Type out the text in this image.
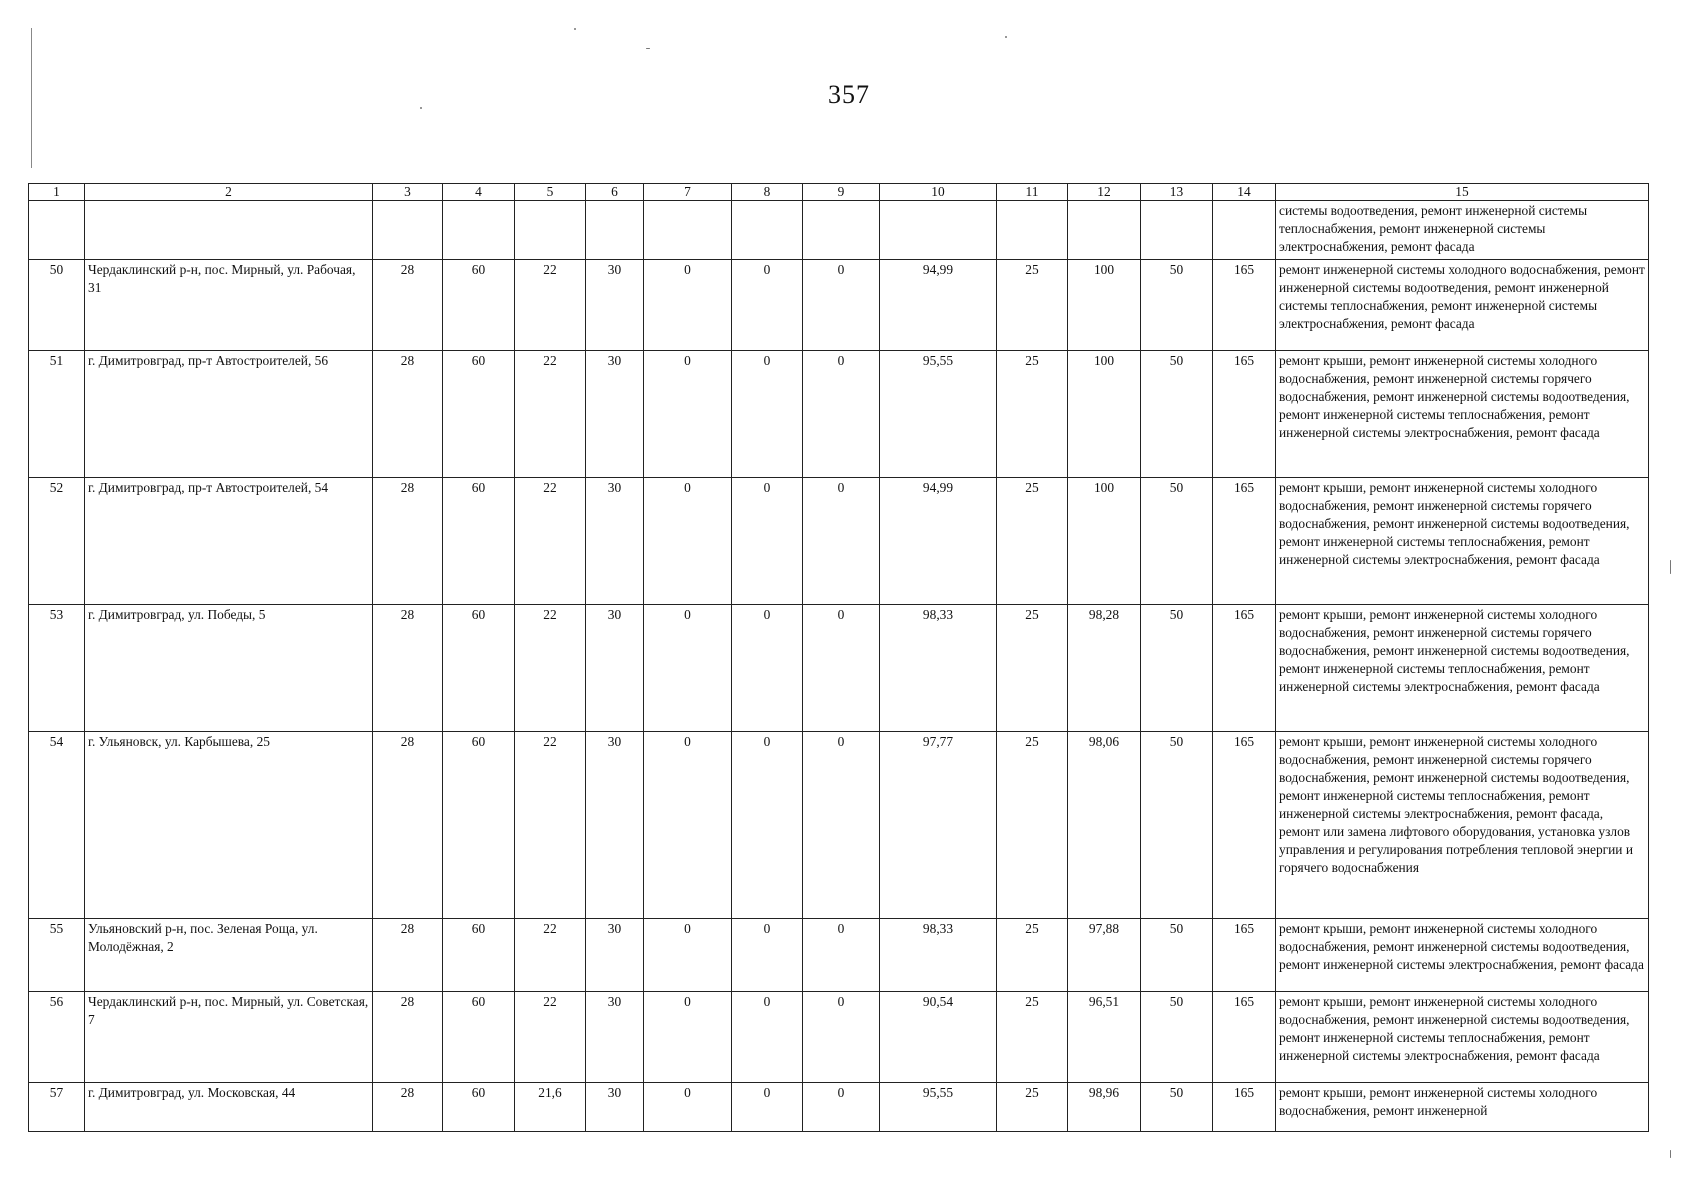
357
1	2	3	4	5	6	7	8	9	10	11	12	13	14	15
														системы водоотведения, ремонт инженерной системы теплоснабжения, ремонт инженерной системы электроснабжения, ремонт фасада
50	Чердаклинский р-н, пос. Мирный, ул. Рабочая, 31	28	60	22	30	0	0	0	94,99	25	100	50	165	ремонт инженерной системы холодного водоснабжения, ремонт инженерной системы водоотведения, ремонт инженерной системы теплоснабжения, ремонт инженерной системы электроснабжения, ремонт фасада
51	г. Димитровград, пр-т Автостроителей, 56	28	60	22	30	0	0	0	95,55	25	100	50	165	ремонт крыши, ремонт инженерной системы холодного водоснабжения, ремонт инженерной системы горячего водоснабжения, ремонт инженерной системы водоотведения, ремонт инженерной системы теплоснабжения, ремонт инженерной системы электроснабжения, ремонт фасада
52	г. Димитровград, пр-т Автостроителей, 54	28	60	22	30	0	0	0	94,99	25	100	50	165	ремонт крыши, ремонт инженерной системы холодного водоснабжения, ремонт инженерной системы горячего водоснабжения, ремонт инженерной системы водоотведения, ремонт инженерной системы теплоснабжения, ремонт инженерной системы электроснабжения, ремонт фасада
53	г. Димитровград, ул. Победы, 5	28	60	22	30	0	0	0	98,33	25	98,28	50	165	ремонт крыши, ремонт инженерной системы холодного водоснабжения, ремонт инженерной системы горячего водоснабжения, ремонт инженерной системы водоотведения, ремонт инженерной системы теплоснабжения, ремонт инженерной системы электроснабжения, ремонт фасада
54	г. Ульяновск, ул. Карбышева, 25	28	60	22	30	0	0	0	97,77	25	98,06	50	165	ремонт крыши, ремонт инженерной системы холодного водоснабжения, ремонт инженерной системы горячего водоснабжения, ремонт инженерной системы водоотведения, ремонт инженерной системы теплоснабжения, ремонт инженерной системы электроснабжения, ремонт фасада, ремонт или замена лифтового оборудования, установка узлов управления и регулирования потребления тепловой энергии и горячего водоснабжения
55	Ульяновский р-н, пос. Зеленая Роща, ул. Молодёжная, 2	28	60	22	30	0	0	0	98,33	25	97,88	50	165	ремонт крыши, ремонт инженерной системы холодного водоснабжения, ремонт инженерной системы водоотведения, ремонт инженерной системы электроснабжения, ремонт фасада
56	Чердаклинский р-н, пос. Мирный, ул. Советская, 7	28	60	22	30	0	0	0	90,54	25	96,51	50	165	ремонт крыши, ремонт инженерной системы холодного водоснабжения, ремонт инженерной системы водоотведения, ремонт инженерной системы теплоснабжения, ремонт инженерной системы электроснабжения, ремонт фасада
57	г. Димитровград, ул. Московская, 44	28	60	21,6	30	0	0	0	95,55	25	98,96	50	165	ремонт крыши, ремонт инженерной системы холодного водоснабжения, ремонт инженерной
